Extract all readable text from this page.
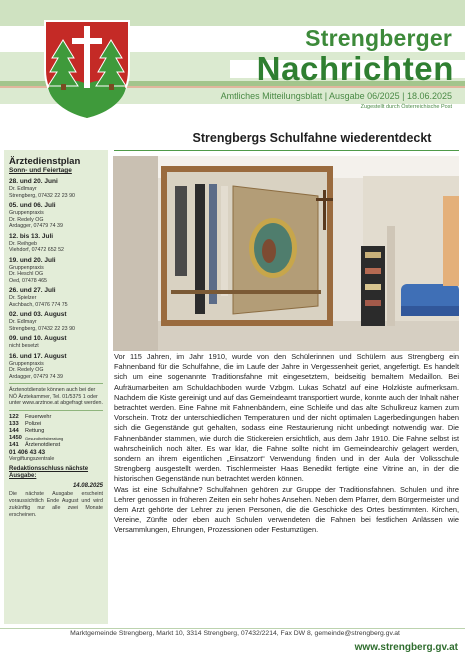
Strengberger
Nachrichten
Amtliches Mitteilungsblatt | Ausgabe 06/2025 | 18.06.2025
Zugestellt durch Österreichische Post
Strengbergs Schulfahne wiederentdeckt
Ärztedienstplan
Sonn- und Feiertage
28. und 20. Juni
Dr. Edlmayr
Strengberg, 07432 22 23 90
05. und 06. Juli
Gruppenpraxis
Dr. Redely OG
Ardagger, 07479 74 39
12. bis 13. Juli
Dr. Reihgeb
Viehdorf, 07472 652 52
19. und 20. Juli
Gruppenpraxis
Dr. Heschl OG
Oed, 07478 465
26. und 27. Juli
Dr. Spielzer
Aschbach, 07476 774 75
02. und 03. August
Dr. Edlmayr
Strengberg, 07432 22 23 90
09. und 10. August
nicht besetzt
16. und 17. August
Gruppenpraxis
Dr. Redely OG
Ardagger, 07479 74 39
Ärztenotdienste können auch bei der NÖ Ärztekammer, Tel. 01/5375 1 oder unter www.arztnoe.at abgefragt werden.
122	Feuerwehr
133	Polizei
144	Rettung
1450 Gesundheitsberatung
141	Ärztenotdienst
01 406 43 43
Vergiftungszentrale
Redaktionsschluss nächste Ausgabe:
14.08.2025
Die nächste Ausgabe erscheint voraussichtlich Ende August und wird zukünftig nur alle zwei Monate erscheinen.

Vor 115 Jahren, im Jahr 1910, wurde von den Schülerinnen und Schülern aus Strengberg ein Fahnenband für die Schulfahne, die im Laufe der Jahre in Vergessenheit geriet, angefertigt. Es handelt sich um eine sogenannte Traditionsfahne mit eingesetztem, beidseitig bemaltem Medaillon. Bei Aufräumarbeiten am Schuldachboden wurde Vzbgm. Lukas Schatzl auf eine Holzkiste aufmerksam. Nachdem die Kiste gereinigt und auf das Gemeindeamt transportiert wurde, konnte auch der Inhalt näher betrachtet werden. Eine Fahne mit Fahnenbändern, eine Schleife und das alte Schulkreuz kamen zum Vorschein. Trotz der unterschiedlichen Temperaturen und der nicht optimalen Lagerbedingungen haben sich die Gegenstände gut gehalten, sodass eine Restaurierung nicht unbedingt notwendig war. Die Fahnenbänder stammen, wie durch die Stickereien ersichtlich, aus dem Jahr 1910. Die Fahne selbst ist wahrscheinlich noch älter. Es war klar, die Fahne sollte nicht im Gemeindearchiv gelagert werden, sondern an ihrem eigentlichen „Einsatzort“ Verwendung finden und in der Aula der Volksschule Strengberg ausgestellt werden. Tischlermeister Haas Benedikt fertigte eine Vitrine an, in der die historischen Gegenstände nun betrachtet werden können.

Was ist eine Schulfahne? Schulfahnen gehören zur Gruppe der Traditionsfahnen. Schulen und ihre Lehrer genossen in früheren Zeiten ein sehr hohes Ansehen. Neben dem Pfarrer, dem Bürgermeister und dem Arzt gehörte der Lehrer zu jenen Personen, die die Geschicke des Ortes bestimmten. Kirchen, Vereine, Zünfte oder eben auch Schulen verwendeten die Fahnen bei festlichen Anlässen wie Versammlungen, Ehrungen, Prozessionen oder Festumzügen.

Marktgemeinde Strengberg, Markt 10, 3314 Strengberg, 07432/2214, Fax DW 8, gemeinde@strengberg.gv.at
www.strengberg.gv.at
